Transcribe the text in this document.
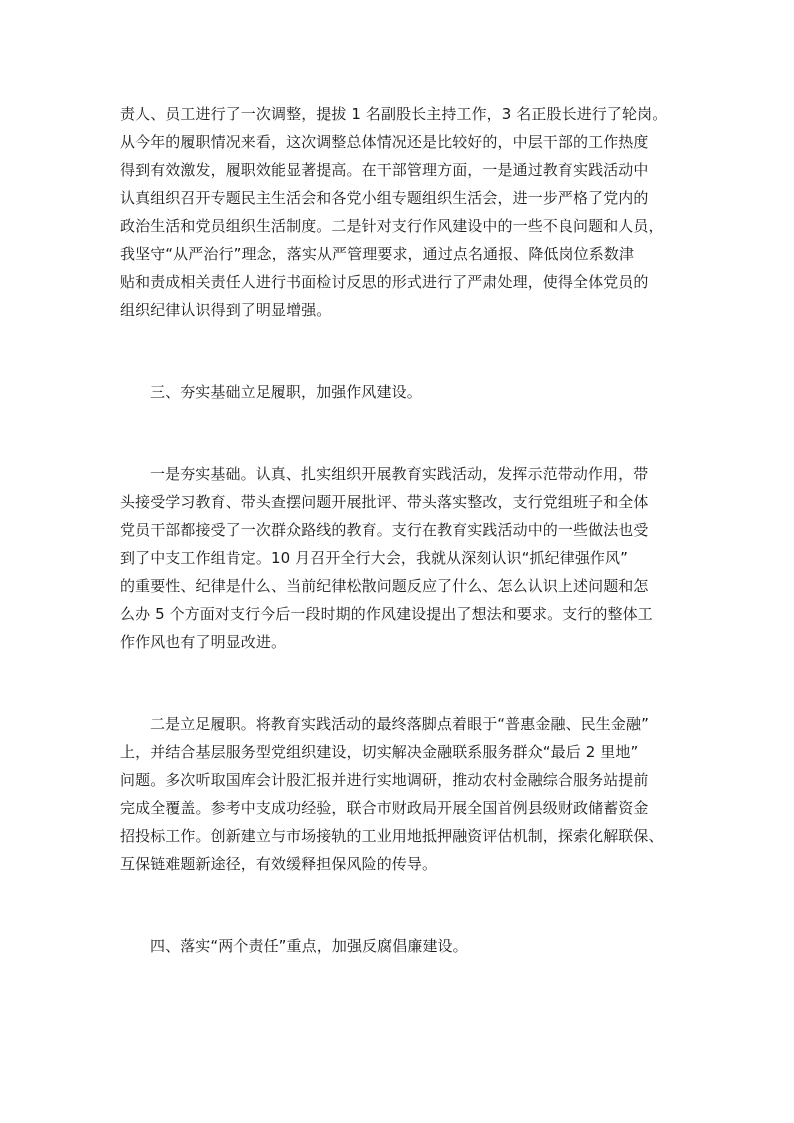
责人、员工进行了一次调整，提拔 1 名副股长主持工作，3 名正股长进行了轮岗。

从今年的履职情况来看，这次调整总体情况还是比较好的，中层干部的工作热度

得到有效激发，履职效能显著提高。在干部管理方面，一是通过教育实践活动中

认真组织召开专题民主生活会和各党小组专题组织生活会，进一步严格了党内的

政治生活和党员组织生活制度。二是针对支行作风建设中的一些不良问题和人员，

我坚守“从严治行”理念，落实从严管理要求，通过点名通报、降低岗位系数津

贴和责成相关责任人进行书面检讨反思的形式进行了严肃处理，使得全体党员的

组织纪律认识得到了明显增强。

三、夯实基础立足履职，加强作风建设。

一是夯实基础。认真、扎实组织开展教育实践活动，发挥示范带动作用，带

头接受学习教育、带头查摆问题开展批评、带头落实整改，支行党组班子和全体

党员干部都接受了一次群众路线的教育。支行在教育实践活动中的一些做法也受

到了中支工作组肯定。10 月召开全行大会，我就从深刻认识“抓纪律强作风”

的重要性、纪律是什么、当前纪律松散问题反应了什么、怎么认识上述问题和怎

么办 5 个方面对支行今后一段时期的作风建设提出了想法和要求。支行的整体工

作作风也有了明显改进。

二是立足履职。将教育实践活动的最终落脚点着眼于“普惠金融、民生金融”

上，并结合基层服务型党组织建设，切实解决金融联系服务群众“最后 2 里地”

问题。多次听取国库会计股汇报并进行实地调研，推动农村金融综合服务站提前

完成全覆盖。参考中支成功经验，联合市财政局开展全国首例县级财政储蓄资金

招投标工作。创新建立与市场接轨的工业用地抵押融资评估机制，探索化解联保、

互保链难题新途径，有效缓释担保风险的传导。

四、落实“两个责任”重点，加强反腐倡廉建设。
